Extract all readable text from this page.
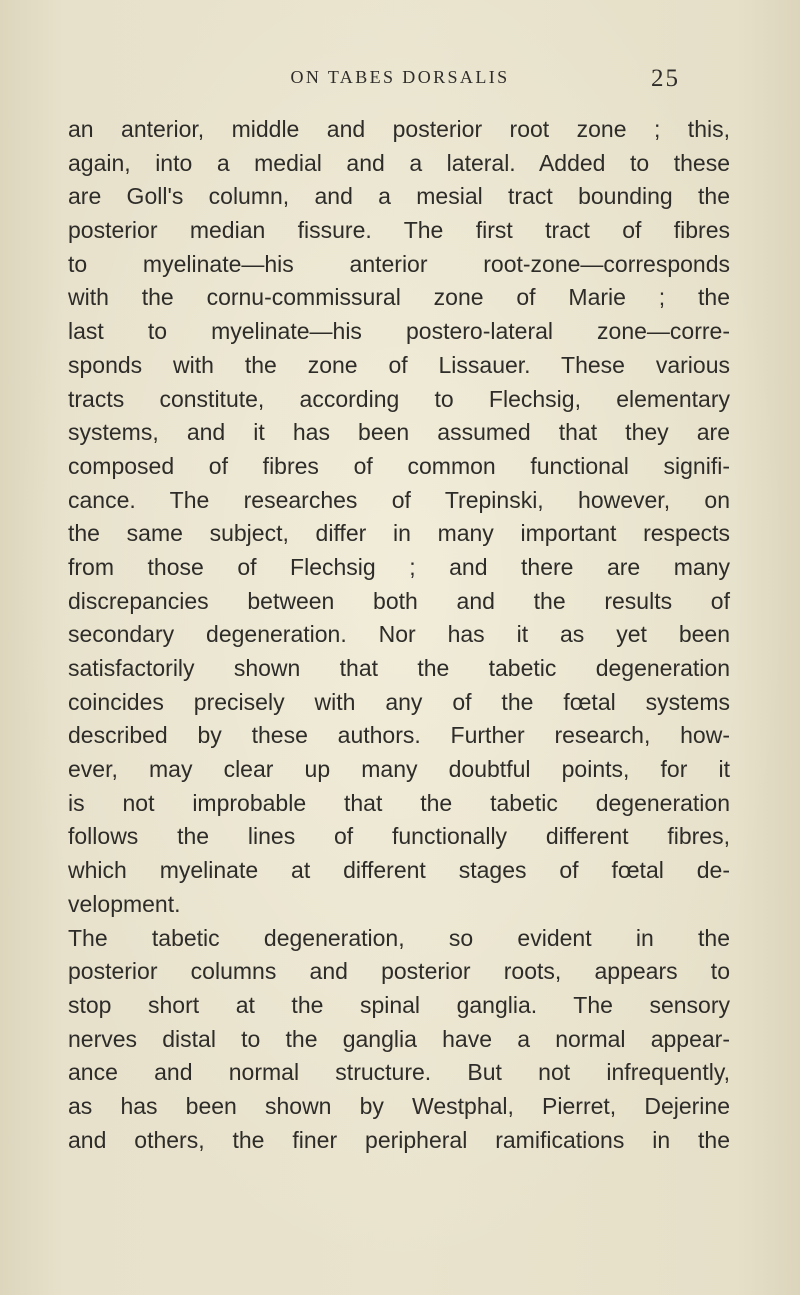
ON TABES DORSALIS	25
an anterior, middle and posterior root zone ; this,
again, into a medial and a lateral. Added to these
are Goll's column, and a mesial tract bounding the
posterior median fissure. The first tract of fibres
to myelinate—his anterior root-zone—corresponds
with the cornu-commissural zone of Marie ; the
last to myelinate—his postero-lateral zone—corre-
sponds with the zone of Lissauer. These various
tracts constitute, according to Flechsig, elementary
systems, and it has been assumed that they are
composed of fibres of common functional signifi-
cance. The researches of Trepinski, however, on
the same subject, differ in many important respects
from those of Flechsig ; and there are many
discrepancies between both and the results of
secondary degeneration. Nor has it as yet been
satisfactorily shown that the tabetic degeneration
coincides precisely with any of the fœtal systems
described by these authors. Further research, how-
ever, may clear up many doubtful points, for it
is not improbable that the tabetic degeneration
follows the lines of functionally different fibres,
which myelinate at different stages of fœtal de-
velopment.
The tabetic degeneration, so evident in the
posterior columns and posterior roots, appears to
stop short at the spinal ganglia. The sensory
nerves distal to the ganglia have a normal appear-
ance and normal structure. But not infrequently,
as has been shown by Westphal, Pierret, Dejerine
and others, the finer peripheral ramifications in the
